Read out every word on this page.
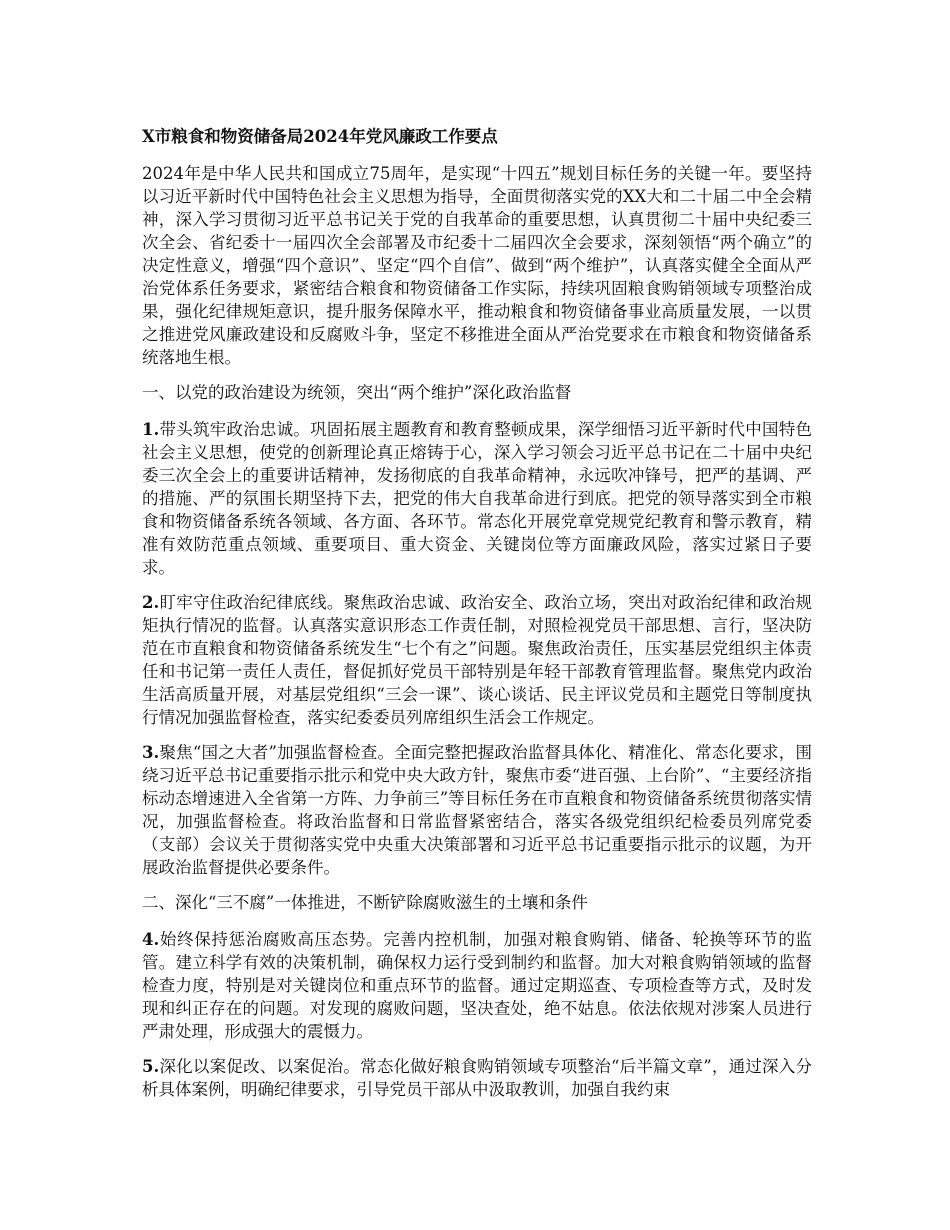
X市粮食和物资储备局2024年党风廉政工作要点

2024年是中华人民共和国成立75周年，是实现“十四五”规划目标任务的关键一年。要坚持以习近平新时代中国特色社会主义思想为指导，全面贯彻落实党的XX大和二十届二中全会精神，深入学习贯彻习近平总书记关于党的自我革命的重要思想，认真贯彻二十届中央纪委三次全会、省纪委十一届四次全会部署及市纪委十二届四次全会要求，深刻领悟“两个确立”的决定性意义，增强“四个意识”、坚定“四个自信”、做到“两个维护”，认真落实健全全面从严治党体系任务要求，紧密结合粮食和物资储备工作实际，持续巩固粮食购销领域专项整治成果，强化纪律规矩意识，提升服务保障水平，推动粮食和物资储备事业高质量发展，一以贯之推进党风廉政建设和反腐败斗争，坚定不移推进全面从严治党要求在市粮食和物资储备系统落地生根。

一、以党的政治建设为统领，突出“两个维护”深化政治监督

1.带头筑牢政治忠诚。巩固拓展主题教育和教育整顿成果，深学细悟习近平新时代中国特色社会主义思想，使党的创新理论真正熔铸于心，深入学习领会习近平总书记在二十届中央纪委三次全会上的重要讲话精神，发扬彻底的自我革命精神，永远吹冲锋号，把严的基调、严的措施、严的氛围长期坚持下去，把党的伟大自我革命进行到底。把党的领导落实到全市粮食和物资储备系统各领域、各方面、各环节。常态化开展党章党规党纪教育和警示教育，精准有效防范重点领域、重要项目、重大资金、关键岗位等方面廉政风险，落实过紧日子要求。

2.盯牢守住政治纪律底线。聚焦政治忠诚、政治安全、政治立场，突出对政治纪律和政治规矩执行情况的监督。认真落实意识形态工作责任制，对照检视党员干部思想、言行，坚决防范在市直粮食和物资储备系统发生“七个有之”问题。聚焦政治责任，压实基层党组织主体责任和书记第一责任人责任，督促抓好党员干部特别是年轻干部教育管理监督。聚焦党内政治生活高质量开展，对基层党组织“三会一课”、谈心谈话、民主评议党员和主题党日等制度执行情况加强监督检查，落实纪委委员列席组织生活会工作规定。

3.聚焦“国之大者”加强监督检查。全面完整把握政治监督具体化、精准化、常态化要求，围绕习近平总书记重要指示批示和党中央大政方针，聚焦市委“进百强、上台阶”、“主要经济指标动态增速进入全省第一方阵、力争前三”等目标任务在市直粮食和物资储备系统贯彻落实情况，加强监督检查。将政治监督和日常监督紧密结合，落实各级党组织纪检委员列席党委（支部）会议关于贯彻落实党中央重大决策部署和习近平总书记重要指示批示的议题，为开展政治监督提供必要条件。

二、深化“三不腐”一体推进，不断铲除腐败滋生的土壤和条件

4.始终保持惩治腐败高压态势。完善内控机制，加强对粮食购销、储备、轮换等环节的监管。建立科学有效的决策机制，确保权力运行受到制约和监督。加大对粮食购销领域的监督检查力度，特别是对关键岗位和重点环节的监督。通过定期巡查、专项检查等方式，及时发现和纠正存在的问题。对发现的腐败问题，坚决查处，绝不姑息。依法依规对涉案人员进行严肃处理，形成强大的震慑力。

5.深化以案促改、以案促治。常态化做好粮食购销领域专项整治“后半篇文章”，通过深入分析具体案例，明确纪律要求，引导党员干部从中汲取教训，加强自我约束
